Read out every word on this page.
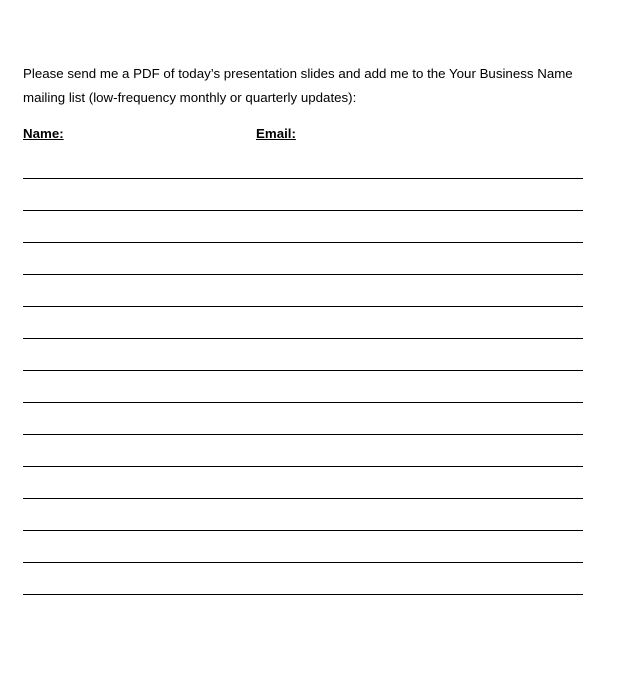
Please send me a PDF of today’s presentation slides and add me to the Your Business Name mailing list (low-frequency monthly or quarterly updates):

Name:	Email:
